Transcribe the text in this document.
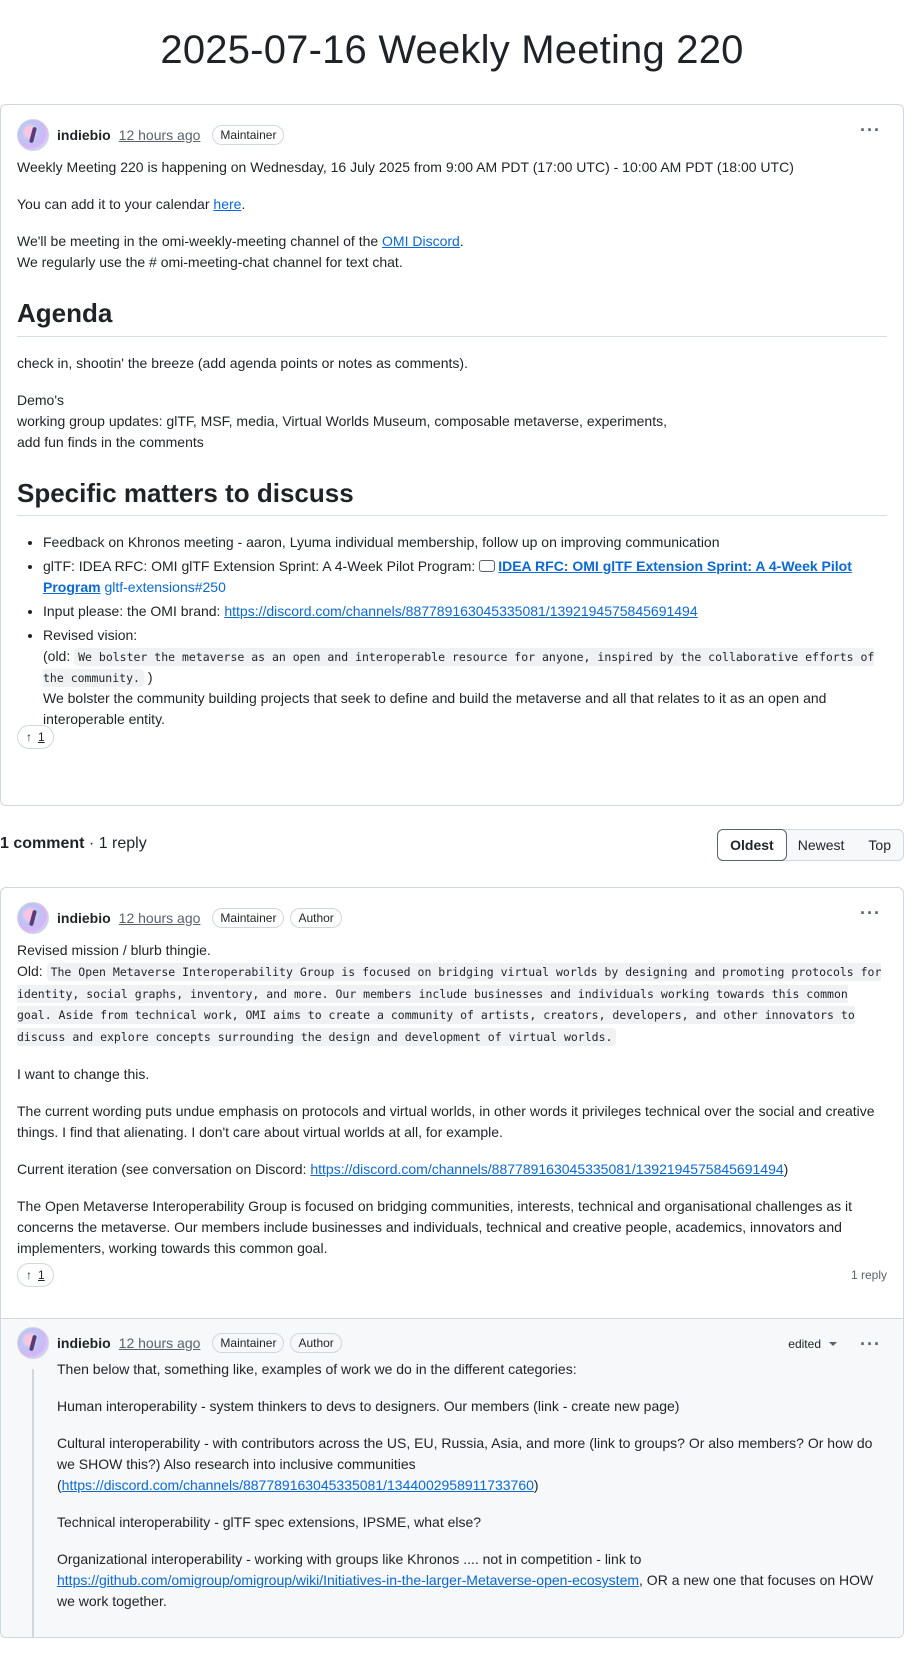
2025-07-16 Weekly Meeting 220
indiebio 12 hours ago	Maintainer	···

Weekly Meeting 220 is happening on Wednesday, 16 July 2025 from 9:00 AM PDT (17:00 UTC) - 10:00 AM PDT (18:00 UTC)

You can add it to your calendar here.

We'll be meeting in the omi-weekly-meeting channel of the OMI Discord.
We regularly use the # omi-meeting-chat channel for text chat.

Agenda

check in, shootin' the breeze (add agenda points or notes as comments).

Demo's
working group updates: glTF, MSF, media, Virtual Worlds Museum, composable metaverse, experiments,
add fun finds in the comments

Specific matters to discuss
• Feedback on Khronos meeting - aaron, Lyuma individual membership, follow up on improving communication
• glTF: IDEA RFC: OMI glTF Extension Sprint: A 4-Week Pilot Program: IDEA RFC: OMI glTF Extension Sprint: A 4-Week Pilot Program gltf-extensions#250
• Input please: the OMI brand: https://discord.com/channels/887789163045335081/1392194575845691494
• Revised vision:
(old: We bolster the metaverse as an open and interoperable resource for anyone, inspired by the collaborative efforts of the community. )
We bolster the community building projects that seek to define and build the metaverse and all that relates to it as an open and interoperable entity.
↑ 1
1 comment · 1 reply	Oldest	Newest	Top
indiebio 12 hours ago	Maintainer	Author	···

Revised mission / blurb thingie.
Old: The Open Metaverse Interoperability Group is focused on bridging virtual worlds by designing and promoting protocols for identity, social graphs, inventory, and more. Our members include businesses and individuals working towards this common goal. Aside from technical work, OMI aims to create a community of artists, creators, developers, and other innovators to discuss and explore concepts surrounding the design and development of virtual worlds.

I want to change this.

The current wording puts undue emphasis on protocols and virtual worlds, in other words it privileges technical over the social and creative things. I find that alienating. I don't care about virtual worlds at all, for example.

Current iteration (see conversation on Discord: https://discord.com/channels/887789163045335081/1392194575845691494)

The Open Metaverse Interoperability Group is focused on bridging communities, interests, technical and organisational challenges as it concerns the metaverse. Our members include businesses and individuals, technical and creative people, academics, innovators and implementers, working towards this common goal.

↑ 1	1 reply
indiebio 12 hours ago	Maintainer	Author	edited	···

Then below that, something like, examples of work we do in the different categories:

Human interoperability - system thinkers to devs to designers. Our members (link - create new page)

Cultural interoperability - with contributors across the US, EU, Russia, Asia, and more (link to groups? Or also members? Or how do we SHOW this?) Also research into inclusive communities (https://discord.com/channels/887789163045335081/1344002958911733760)

Technical interoperability - glTF spec extensions, IPSME, what else?

Organizational interoperability - working with groups like Khronos .... not in competition - link to https://github.com/omigroup/omigroup/wiki/Initiatives-in-the-larger-Metaverse-open-ecosystem, OR a new one that focuses on HOW we work together.
